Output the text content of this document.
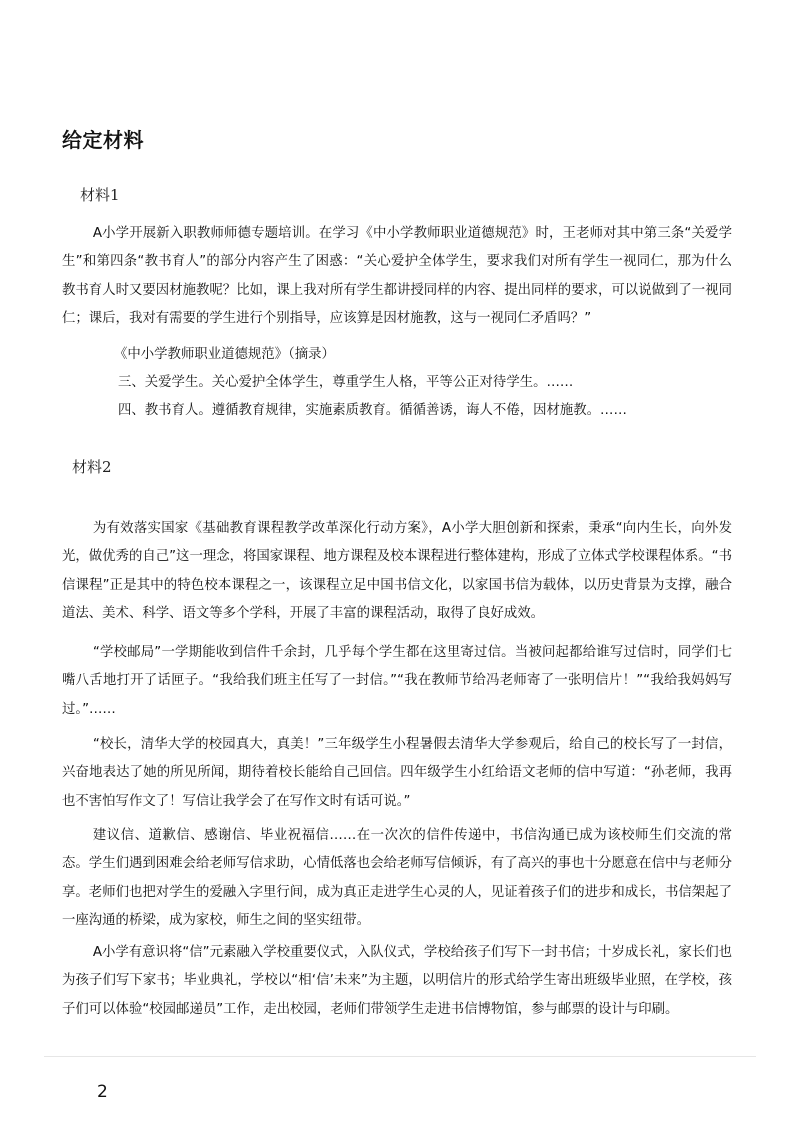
给定材料
材料1

A小学开展新入职教师师德专题培训。在学习《中小学教师职业道德规范》时，王老师对其中第三条“关爱学生”和第四条“教书育人”的部分内容产生了困惑：“关心爱护全体学生，要求我们对所有学生一视同仁，那为什么教书育人时又要因材施教呢？比如，课上我对所有学生都讲授同样的内容、提出同样的要求，可以说做到了一视同仁；课后，我对有需要的学生进行个别指导，应该算是因材施教，这与一视同仁矛盾吗？”

《中小学教师职业道德规范》（摘录）

三、关爱学生。关心爱护全体学生，尊重学生人格，平等公正对待学生。……

四、教书育人。遵循教育规律，实施素质教育。循循善诱，诲人不倦，因材施教。……

材料2

为有效落实国家《基础教育课程教学改革深化行动方案》，A小学大胆创新和探索，秉承“向内生长，向外发光，做优秀的自己”这一理念，将国家课程、地方课程及校本课程进行整体建构，形成了立体式学校课程体系。“书信课程”正是其中的特色校本课程之一，该课程立足中国书信文化，以家国书信为载体，以历史背景为支撑，融合道法、美术、科学、语文等多个学科，开展了丰富的课程活动，取得了良好成效。

“学校邮局”一学期能收到信件千余封，几乎每个学生都在这里寄过信。当被问起都给谁写过信时，同学们七嘴八舌地打开了话匣子。“我给我们班主任写了一封信。”“我在教师节给冯老师寄了一张明信片！”“我给我妈妈写过。”……

“校长，清华大学的校园真大，真美！”三年级学生小程暑假去清华大学参观后，给自己的校长写了一封信，兴奋地表达了她的所见所闻，期待着校长能给自己回信。四年级学生小红给语文老师的信中写道：“孙老师，我再也不害怕写作文了！写信让我学会了在写作文时有话可说。”

建议信、道歉信、感谢信、毕业祝福信……在一次次的信件传递中，书信沟通已成为该校师生们交流的常态。学生们遇到困难会给老师写信求助，心情低落也会给老师写信倾诉，有了高兴的事也十分愿意在信中与老师分享。老师们也把对学生的爱融入字里行间，成为真正走进学生心灵的人，见证着孩子们的进步和成长，书信架起了一座沟通的桥梁，成为家校，师生之间的坚实纽带。

A小学有意识将“信”元素融入学校重要仪式，入队仪式，学校给孩子们写下一封书信；十岁成长礼，家长们也为孩子们写下家书；毕业典礼，学校以“相‘信’未来”为主题，以明信片的形式给学生寄出班级毕业照，在学校，孩子们可以体验“校园邮递员”工作，走出校园，老师们带领学生走进书信博物馆，参与邮票的设计与印刷。

2
